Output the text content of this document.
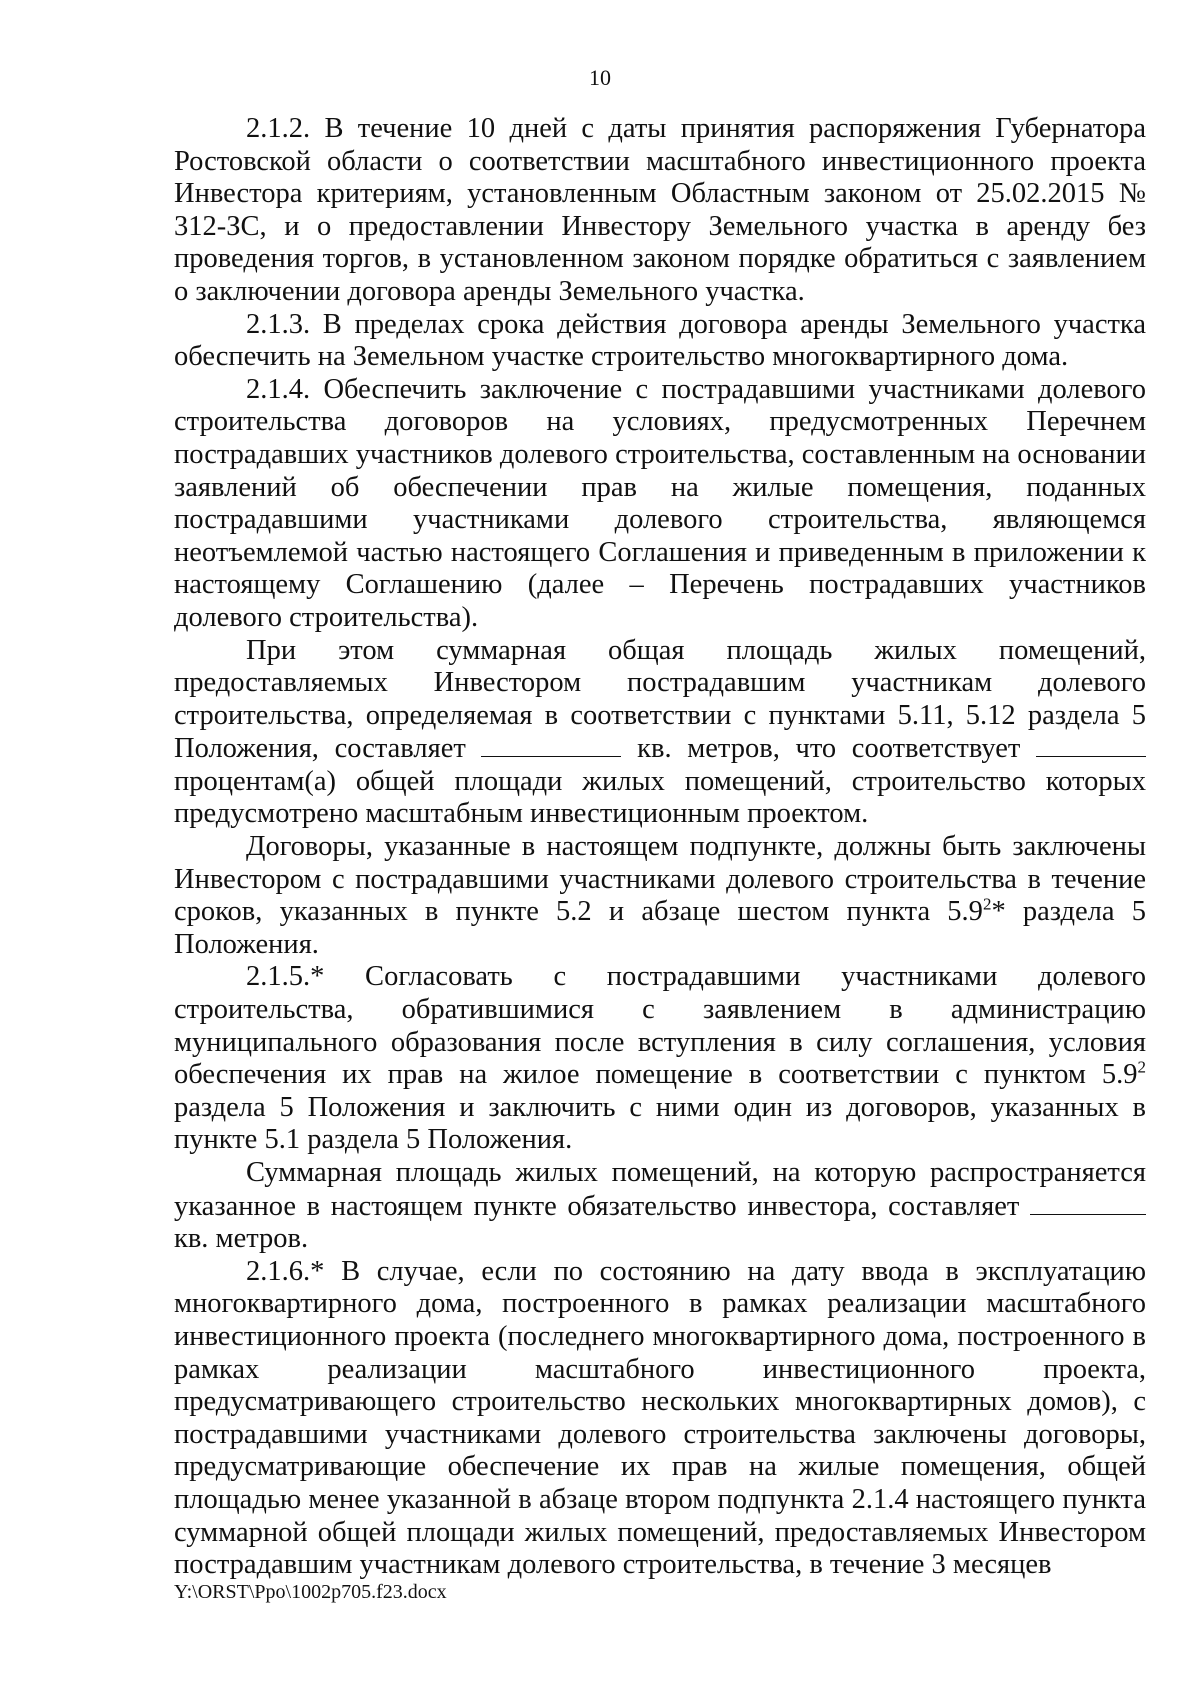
10

2.1.2. В течение 10 дней с даты принятия распоряжения Губернатора Ростовской области о соответствии масштабного инвестиционного проекта Инвестора критериям, установленным Областным законом от 25.02.2015 № 312-ЗС, и о предоставлении Инвестору Земельного участка в аренду без проведения торгов, в установленном законом порядке обратиться с заявлением о заключении договора аренды Земельного участка.

2.1.3. В пределах срока действия договора аренды Земельного участка обеспечить на Земельном участке строительство многоквартирного дома.

2.1.4. Обеспечить заключение с пострадавшими участниками долевого строительства договоров на условиях, предусмотренных Перечнем пострадавших участников долевого строительства, составленным на основании заявлений об обеспечении прав на жилые помещения, поданных пострадавшими участниками долевого строительства, являющемся неотъемлемой частью настоящего Соглашения и приведенным в приложении к настоящему Соглашению (далее – Перечень пострадавших участников долевого строительства).

При этом суммарная общая площадь жилых помещений, предоставляемых Инвестором пострадавшим участникам долевого строительства, определяемая в соответствии с пунктами 5.11, 5.12 раздела 5 Положения, составляет	кв. метров, что соответствует  процентам(а) общей площади жилых помещений, строительство которых предусмотрено масштабным инвестиционным проектом.

Договоры, указанные в настоящем подпункте, должны быть заключены Инвестором с пострадавшими участниками долевого строительства в течение сроков, указанных в пункте 5.2 и абзаце шестом пункта $5.9^2*$ раздела 5 Положения.

2.1.5.* Согласовать с пострадавшими участниками долевого строительства, обратившимися с заявлением в администрацию муниципального образования после вступления в силу соглашения, условия обеспечения их прав на жилое помещение в соответствии с пунктом $5.9^2$ раздела 5 Положения и заключить с ними один из договоров, указанных в пункте 5.1 раздела 5 Положения.

Суммарная площадь жилых помещений, на которую распространяется указанное в настоящем пункте обязательство инвестора, составляет  кв. метров.

2.1.6.* В случае, если по состоянию на дату ввода в эксплуатацию многоквартирного дома, построенного в рамках реализации масштабного инвестиционного проекта (последнего многоквартирного дома, построенного в рамках реализации масштабного инвестиционного проекта, предусматривающего строительство нескольких многоквартирных домов), с пострадавшими участниками долевого строительства заключены договоры, предусматривающие обеспечение их прав на жилые помещения, общей площадью менее указанной в абзаце втором подпункта 2.1.4 настоящего пункта суммарной общей площади жилых помещений, предоставляемых Инвестором пострадавшим участникам долевого строительства, в течение 3 месяцев

Y:\ORST\Ppo\1002p705.f23.docx
